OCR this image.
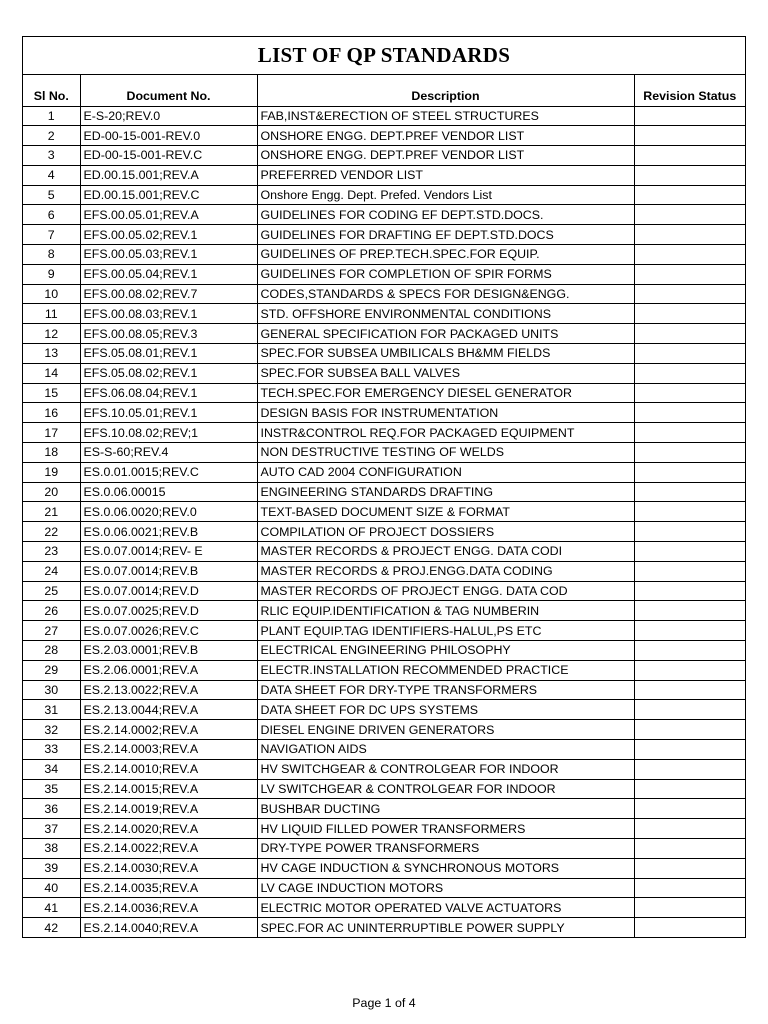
LIST OF QP STANDARDS
Sl No.	Document No.	Description	Revision Status
1	E-S-20;REV.0	FAB,INST&ERECTION OF STEEL STRUCTURES	
2	ED-00-15-001-REV.0	ONSHORE ENGG. DEPT.PREF VENDOR LIST	
3	ED-00-15-001-REV.C	ONSHORE ENGG. DEPT.PREF VENDOR LIST	
4	ED.00.15.001;REV.A	PREFERRED VENDOR LIST	
5	ED.00.15.001;REV.C	Onshore Engg. Dept. Prefed. Vendors List	
6	EFS.00.05.01;REV.A	GUIDELINES FOR CODING EF DEPT.STD.DOCS.	
7	EFS.00.05.02;REV.1	GUIDELINES FOR DRAFTING EF DEPT.STD.DOCS	
8	EFS.00.05.03;REV.1	GUIDELINES OF PREP.TECH.SPEC.FOR EQUIP.	
9	EFS.00.05.04;REV.1	GUIDELINES FOR COMPLETION OF SPIR FORMS	
10	EFS.00.08.02;REV.7	CODES,STANDARDS & SPECS FOR DESIGN&ENGG.	
11	EFS.00.08.03;REV.1	STD. OFFSHORE ENVIRONMENTAL CONDITIONS	
12	EFS.00.08.05;REV.3	GENERAL SPECIFICATION FOR PACKAGED UNITS	
13	EFS.05.08.01;REV.1	SPEC.FOR SUBSEA UMBILICALS BH&MM FIELDS	
14	EFS.05.08.02;REV.1	SPEC.FOR SUBSEA BALL VALVES	
15	EFS.06.08.04;REV.1	TECH.SPEC.FOR EMERGENCY DIESEL GENERATOR	
16	EFS.10.05.01;REV.1	DESIGN BASIS FOR INSTRUMENTATION	
17	EFS.10.08.02;REV;1	INSTR&CONTROL REQ.FOR PACKAGED EQUIPMENT	
18	ES-S-60;REV.4	NON DESTRUCTIVE TESTING OF WELDS	
19	ES.0.01.0015;REV.C	AUTO CAD 2004 CONFIGURATION	
20	ES.0.06.00015	ENGINEERING STANDARDS DRAFTING	
21	ES.0.06.0020;REV.0	TEXT-BASED DOCUMENT SIZE & FORMAT	
22	ES.0.06.0021;REV.B	COMPILATION OF PROJECT DOSSIERS	
23	ES.0.07.0014;REV- E	MASTER RECORDS & PROJECT ENGG. DATA CODI	
24	ES.0.07.0014;REV.B	MASTER RECORDS & PROJ.ENGG.DATA CODING	
25	ES.0.07.0014;REV.D	MASTER RECORDS OF PROJECT ENGG. DATA COD	
26	ES.0.07.0025;REV.D	RLIC EQUIP.IDENTIFICATION & TAG NUMBERIN	
27	ES.0.07.0026;REV.C	PLANT EQUIP.TAG IDENTIFIERS-HALUL,PS ETC	
28	ES.2.03.0001;REV.B	ELECTRICAL ENGINEERING PHILOSOPHY	
29	ES.2.06.0001;REV.A	ELECTR.INSTALLATION RECOMMENDED PRACTICE	
30	ES.2.13.0022;REV.A	DATA SHEET FOR DRY-TYPE TRANSFORMERS	
31	ES.2.13.0044;REV.A	DATA SHEET FOR DC UPS SYSTEMS	
32	ES.2.14.0002;REV.A	DIESEL ENGINE DRIVEN GENERATORS	
33	ES.2.14.0003;REV.A	NAVIGATION AIDS	
34	ES.2.14.0010;REV.A	HV SWITCHGEAR & CONTROLGEAR FOR INDOOR	
35	ES.2.14.0015;REV.A	LV SWITCHGEAR & CONTROLGEAR FOR INDOOR	
36	ES.2.14.0019;REV.A	BUSHBAR DUCTING	
37	ES.2.14.0020;REV.A	HV LIQUID FILLED POWER TRANSFORMERS	
38	ES.2.14.0022;REV.A	DRY-TYPE POWER TRANSFORMERS	
39	ES.2.14.0030;REV.A	HV CAGE INDUCTION & SYNCHRONOUS MOTORS	
40	ES.2.14.0035;REV.A	LV CAGE INDUCTION MOTORS	
41	ES.2.14.0036;REV.A	ELECTRIC MOTOR OPERATED VALVE ACTUATORS	
42	ES.2.14.0040;REV.A	SPEC.FOR AC UNINTERRUPTIBLE POWER SUPPLY	
Page 1 of 4
